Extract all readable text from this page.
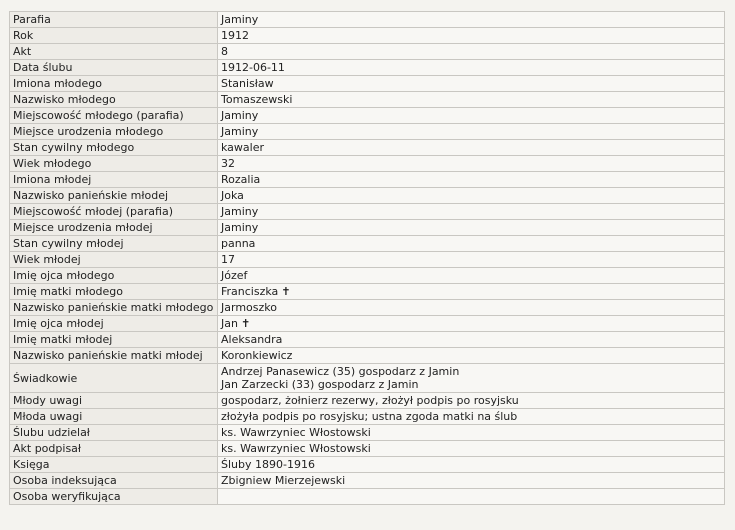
Parafia	Jaminy
Rok	1912
Akt	8
Data ślubu	1912-06-11
Imiona młodego	Stanisław
Nazwisko młodego	Tomaszewski
Miejscowość młodego (parafia)	Jaminy
Miejsce urodzenia młodego	Jaminy
Stan cywilny młodego	kawaler
Wiek młodego	32
Imiona młodej	Rozalia
Nazwisko panieńskie młodej	Joka
Miejscowość młodej (parafia)	Jaminy
Miejsce urodzenia młodej	Jaminy
Stan cywilny młodej	panna
Wiek młodej	17
Imię ojca młodego	Józef
Imię matki młodego	Franciszka ✝
Nazwisko panieńskie matki młodego	Jarmoszko
Imię ojca młodej	Jan ✝
Imię matki młodej	Aleksandra
Nazwisko panieńskie matki młodej	Koronkiewicz
Świadkowie	Andrzej Panasewicz (35) gospodarz z Jamin
Jan Zarzecki (33) gospodarz z Jamin

Młody uwagi	gospodarz, żołnierz rezerwy, złożył podpis po rosyjsku
Młoda uwagi	złożyła podpis po rosyjsku; ustna zgoda matki na ślub
Ślubu udzielał	ks. Wawrzyniec Włostowski
Akt podpisał	ks. Wawrzyniec Włostowski
Księga	Śluby 1890-1916
Osoba indeksująca	Zbigniew Mierzejewski
Osoba weryfikująca	
